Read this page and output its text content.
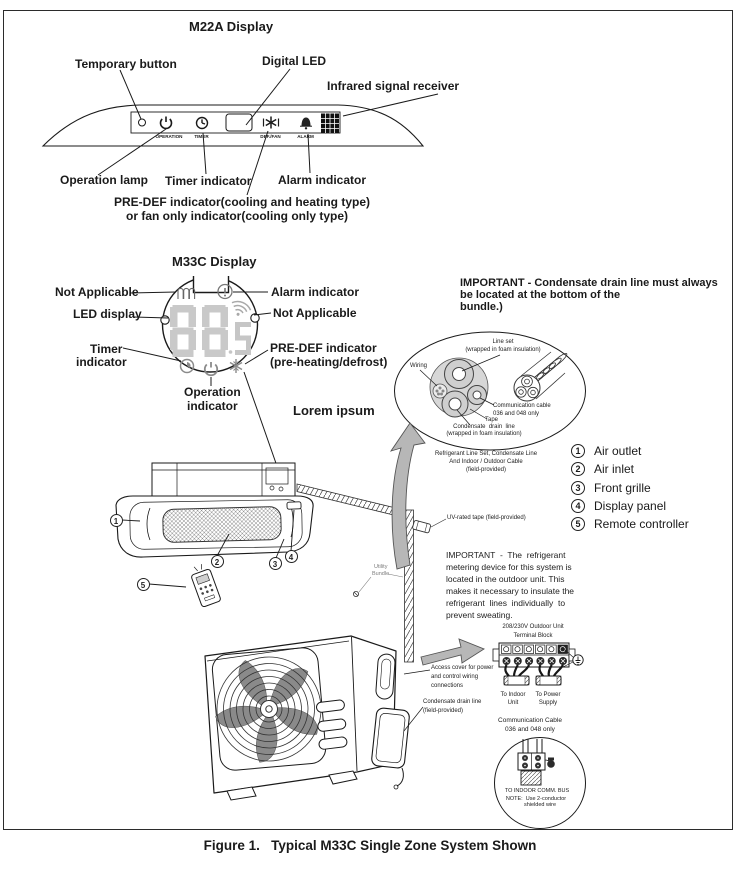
M22A Display
Temporary button	Digital LED
Infrared signal receiver
Operation lamp Timer indicator Alarm indicator
PRE-DEF indicator(cooling and heating type)
or fan only indicator(cooling only type)
OPERATION	TIMER	DEF./FAN	ALARM
M33C Display
Not Applicable
LED display
Timer
indicator
Alarm indicator
Not Applicable
PRE-DEF indicator
(pre-heating/defrost)
Operation
indicator	Lorem ipsum
IMPORTANT - Condensate drain line must always
be located at the bottom of the
bundle.)
Line set
(wrapped in foam insulation)
Wiring
Communication cable
036 and 048 only
Tape
Condensate  drain  line
(wrapped in foam insulation)
Refrigerant Line Set, Condensate Line
And Indoor / Outdoor Cable
(field-provided)
1	Air outlet
2	Air inlet
3	Front grille
4	Display panel
5	Remote controller
1
2	3
4
5
Utility
Bundle
UV-rated tape (field-provided)
IMPORTANT  -  The  refrigerant
metering device for this system is
located in the outdoor unit. This
makes it necessary to insulate the
refrigerant  lines  individually  to
prevent sweating.
Access cover for power
and control wiring
connections
Condensate drain line
(field-provided)
208/230V Outdoor Unit
Terminal Block
To Indoor
Unit
To Power
Supply
Communication Cable
036 and 048 only
TO INDOOR COMM. BUS
NOTE:  Use 2-conductor
shielded wire
Figure 1.   Typical M33C Single Zone System Shown
